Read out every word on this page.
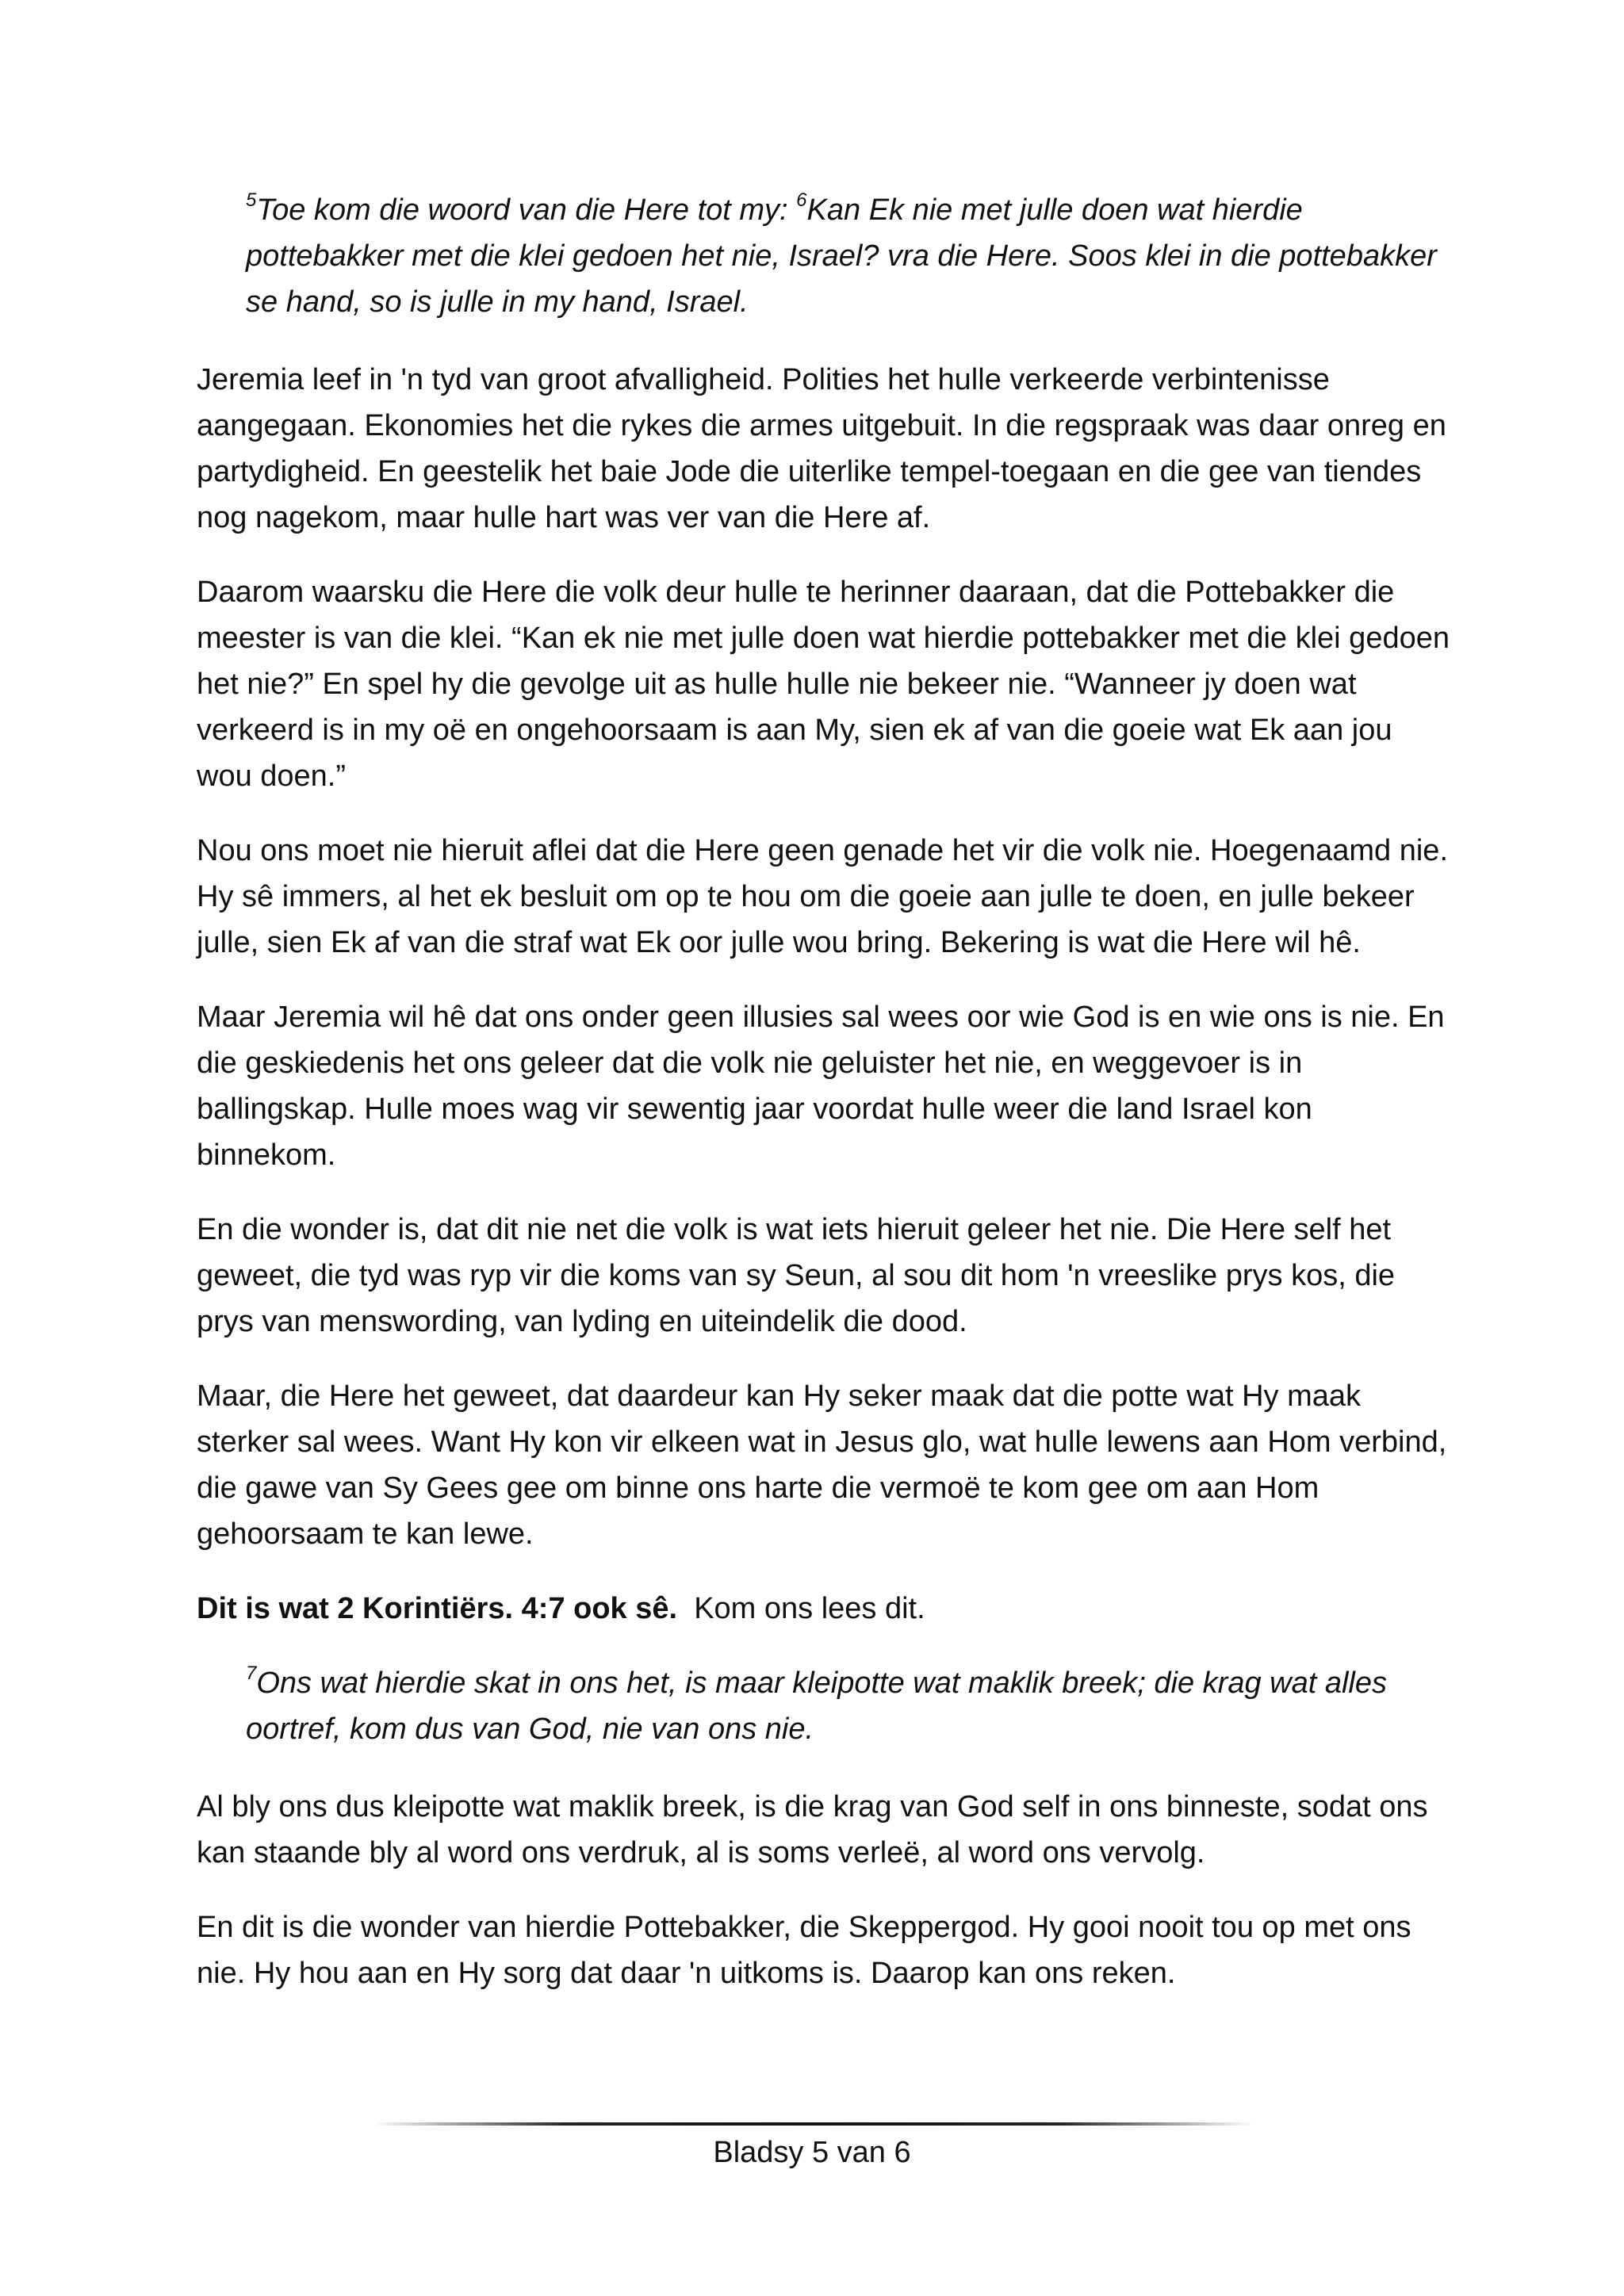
$^5$Toe kom die woord van die Here tot my: $^6$Kan Ek nie met julle doen wat hierdie pottebakker met die klei gedoen het nie, Israel? vra die Here. Soos klei in die pottebakker se hand, so is julle in my hand, Israel.

Jeremia leef in 'n tyd van groot afvalligheid. Polities het hulle verkeerde verbintenisse aangegaan. Ekonomies het die rykes die armes uitgebuit. In die regspraak was daar onreg en partydigheid. En geestelik het baie Jode die uiterlike tempel-toegaan en die gee van tiendes nog nagekom, maar hulle hart was ver van die Here af.

Daarom waarsku die Here die volk deur hulle te herinner daaraan, dat die Pottebakker die meester is van die klei. “Kan ek nie met julle doen wat hierdie pottebakker met die klei gedoen het nie?” En spel hy die gevolge uit as hulle hulle nie bekeer nie. “Wanneer jy doen wat verkeerd is in my oë en ongehoorsaam is aan My, sien ek af van die goeie wat Ek aan jou wou doen.”

Nou ons moet nie hieruit aflei dat die Here geen genade het vir die volk nie. Hoegenaamd nie. Hy sê immers, al het ek besluit om op te hou om die goeie aan julle te doen, en julle bekeer julle, sien Ek af van die straf wat Ek oor julle wou bring. Bekering is wat die Here wil hê.

Maar Jeremia wil hê dat ons onder geen illusies sal wees oor wie God is en wie ons is nie. En die geskiedenis het ons geleer dat die volk nie geluister het nie, en weggevoer is in ballingskap. Hulle moes wag vir sewentig jaar voordat hulle weer die land Israel kon binnekom.

En die wonder is, dat dit nie net die volk is wat iets hieruit geleer het nie. Die Here self het geweet, die tyd was ryp vir die koms van sy Seun, al sou dit hom 'n vreeslike prys kos, die prys van menswording, van lyding en uiteindelik die dood.

Maar, die Here het geweet, dat daardeur kan Hy seker maak dat die potte wat Hy maak sterker sal wees. Want Hy kon vir elkeen wat in Jesus glo, wat hulle lewens aan Hom verbind, die gawe van Sy Gees gee om binne ons harte die vermoë te kom gee om aan Hom gehoorsaam te kan lewe.

Dit is wat 2 Korintiërs. 4:7 ook sê.  Kom ons lees dit.

$^7$Ons wat hierdie skat in ons het, is maar kleipotte wat maklik breek; die krag wat alles oortref, kom dus van God, nie van ons nie.

Al bly ons dus kleipotte wat maklik breek, is die krag van God self in ons binneste, sodat ons kan staande bly al word ons verdruk, al is soms verleë, al word ons vervolg.

En dit is die wonder van hierdie Pottebakker, die Skeppergod. Hy gooi nooit tou op met ons nie. Hy hou aan en Hy sorg dat daar 'n uitkoms is. Daarop kan ons reken.

Bladsy 5 van 6
